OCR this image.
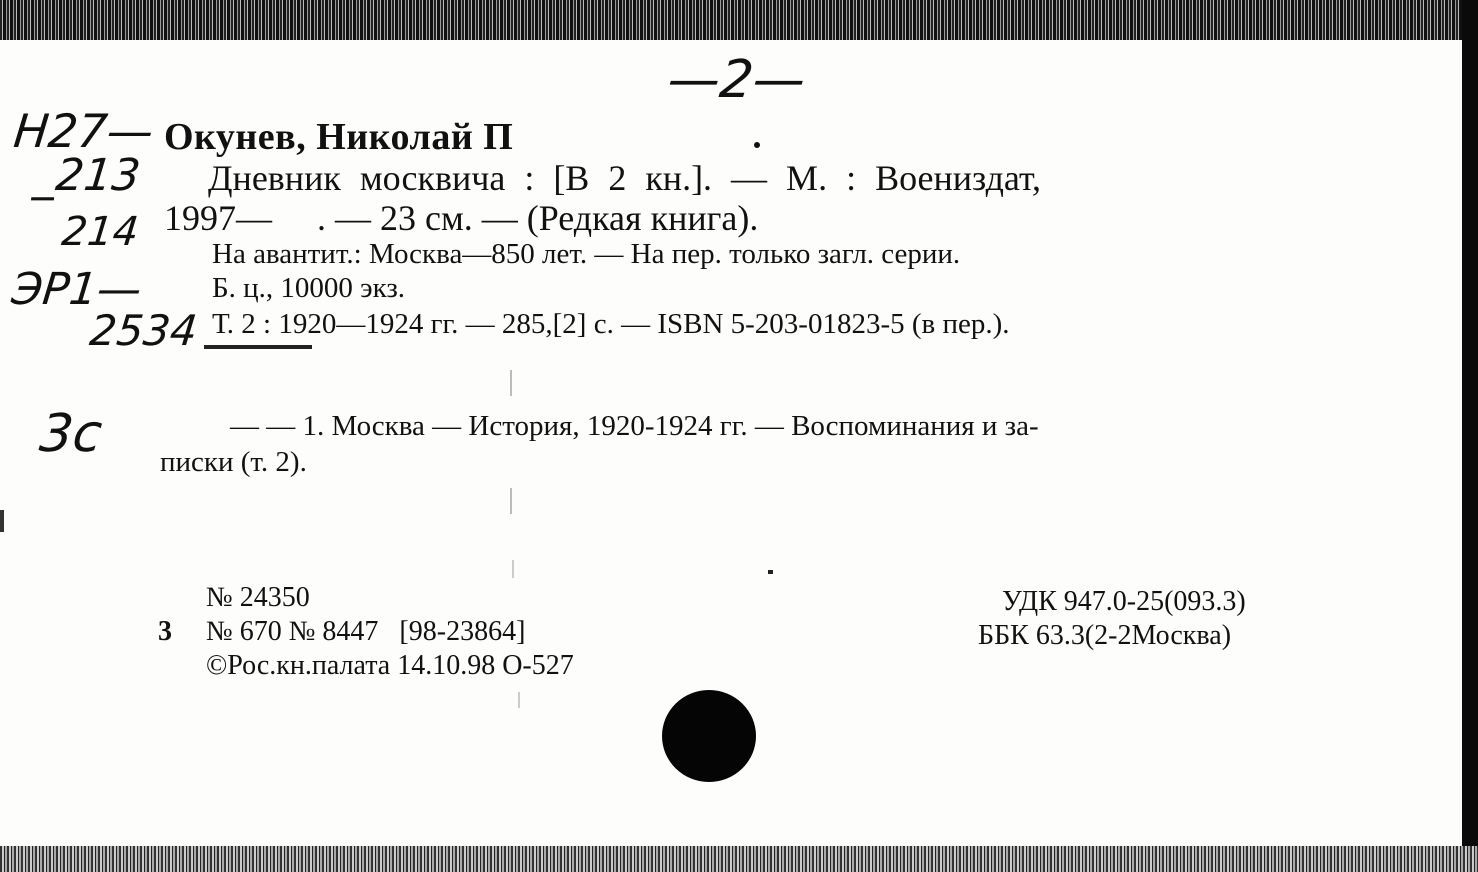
—2—
Н27—
_213
214
ЭР1—
2534
3с
Окунев, Николай П
Дневник москвича : [В 2 кн.]. — М. : Воениздат,
1997—     . — 23 см. — (Редкая книга).
На авантит.: Москва—850 лет. — На пер. только загл. серии.
Б. ц., 10000 экз.
Т. 2 : 1920—1924 гг. — 285,[2] с. — ISBN 5-203-01823-5 (в пер.).
— — 1. Москва — История, 1920-1924 гг. — Воспоминания и за-
писки (т. 2).
№ 24350
3 № 670 № 8447   [98-23864]
©Рос.кн.палата 14.10.98 О-527
УДК 947.0-25(093.3)
ББК 63.3(2-2Москва)
